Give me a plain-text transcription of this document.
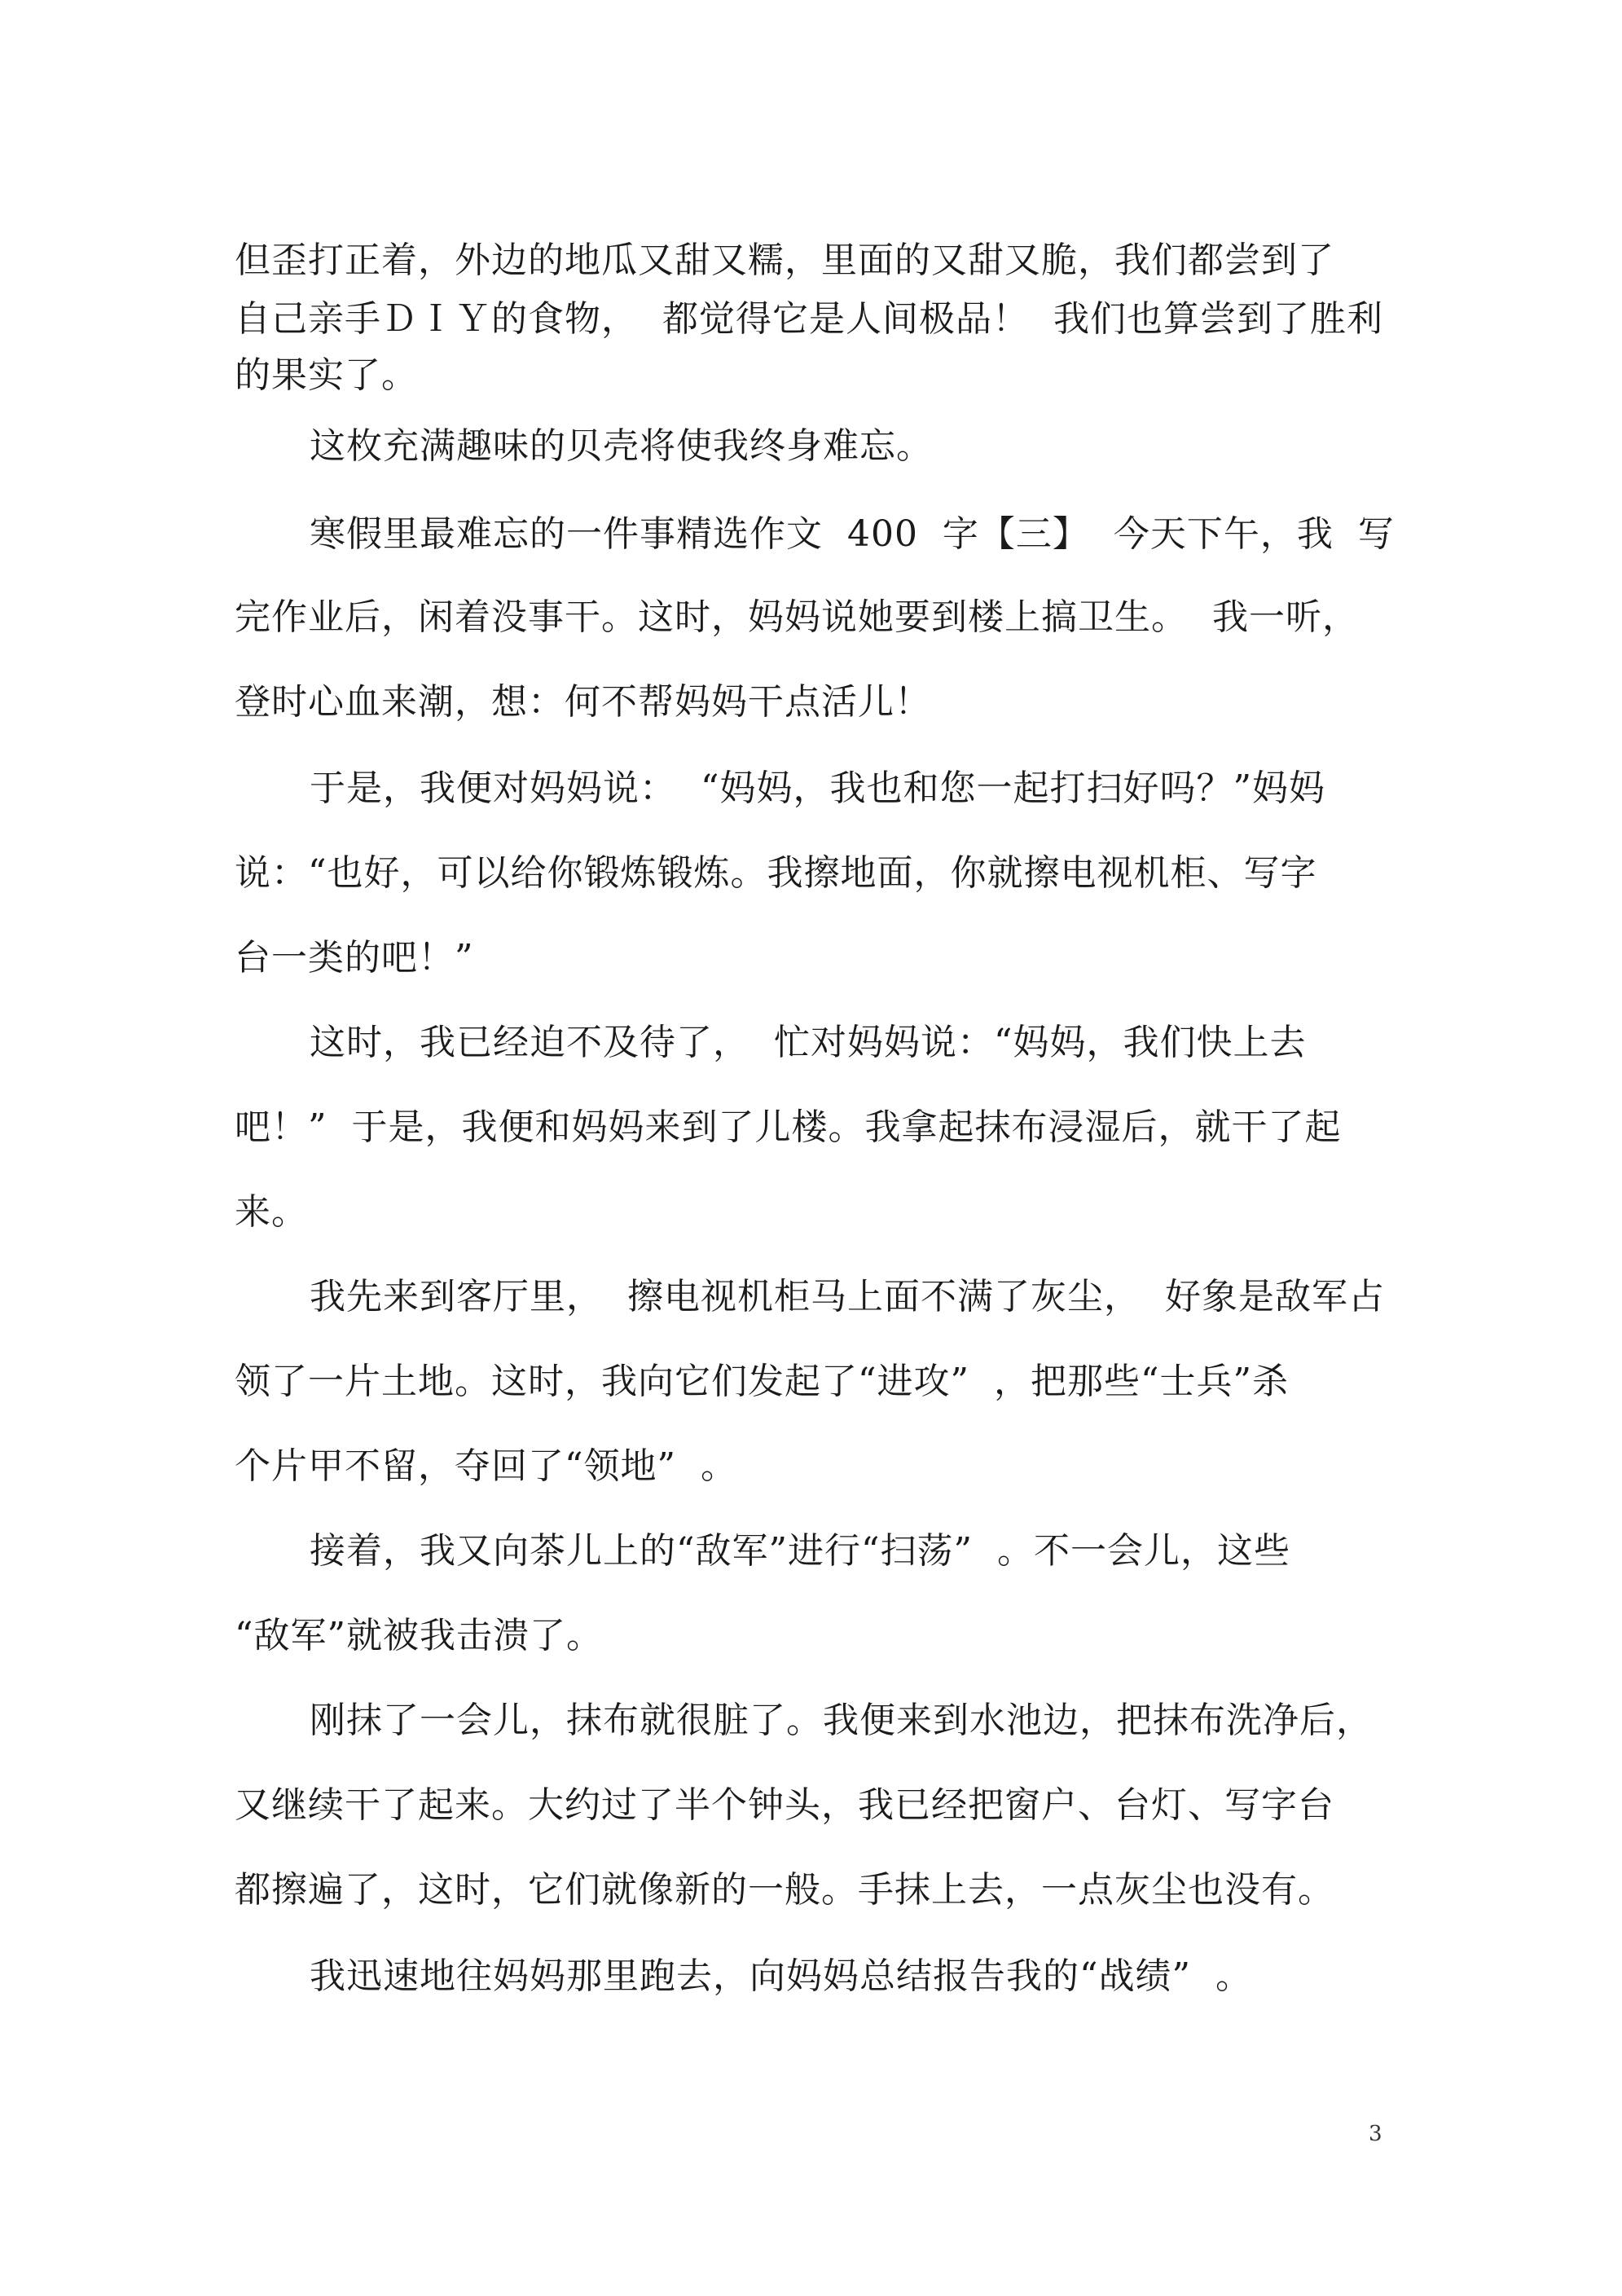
但歪打正着，外边的地瓜又甜又糯，里面的又甜又脆，我们都尝到了
自己亲手ＤＩＹ的食物，  都觉得它是人间极品！  我们也算尝到了胜利
的果实了。
这枚充满趣味的贝壳将使我终身难忘。
寒假里最难忘的一件事精选作文  400  字【三】  今天下午，我  写
完作业后，闲着没事干。这时，妈妈说她要到楼上搞卫生。  我一听，
登时心血来潮，想：何不帮妈妈干点活儿！
于是，我便对妈妈说：  “妈妈，我也和您一起打扫好吗？”妈妈
说：“也好，可以给你锻炼锻炼。我擦地面，你就擦电视机柜、写字
台一类的吧！”
这时，我已经迫不及待了，  忙对妈妈说：“妈妈，我们快上去
吧！”  于是，我便和妈妈来到了儿楼。我拿起抹布浸湿后，就干了起
来。
我先来到客厅里，  擦电视机柜马上面不满了灰尘，  好象是敌军占
领了一片土地。这时，我向它们发起了“进攻”  ，把那些“士兵”杀
个片甲不留，夺回了“领地”  。
接着，我又向茶儿上的“敌军”进行“扫荡”  。不一会儿，这些
“敌军”就被我击溃了。
刚抹了一会儿，抹布就很脏了。我便来到水池边，把抹布洗净后，
又继续干了起来。大约过了半个钟头，我已经把窗户、台灯、写字台
都擦遍了，这时，它们就像新的一般。手抹上去，一点灰尘也没有。
我迅速地往妈妈那里跑去，向妈妈总结报告我的“战绩”  。
3
